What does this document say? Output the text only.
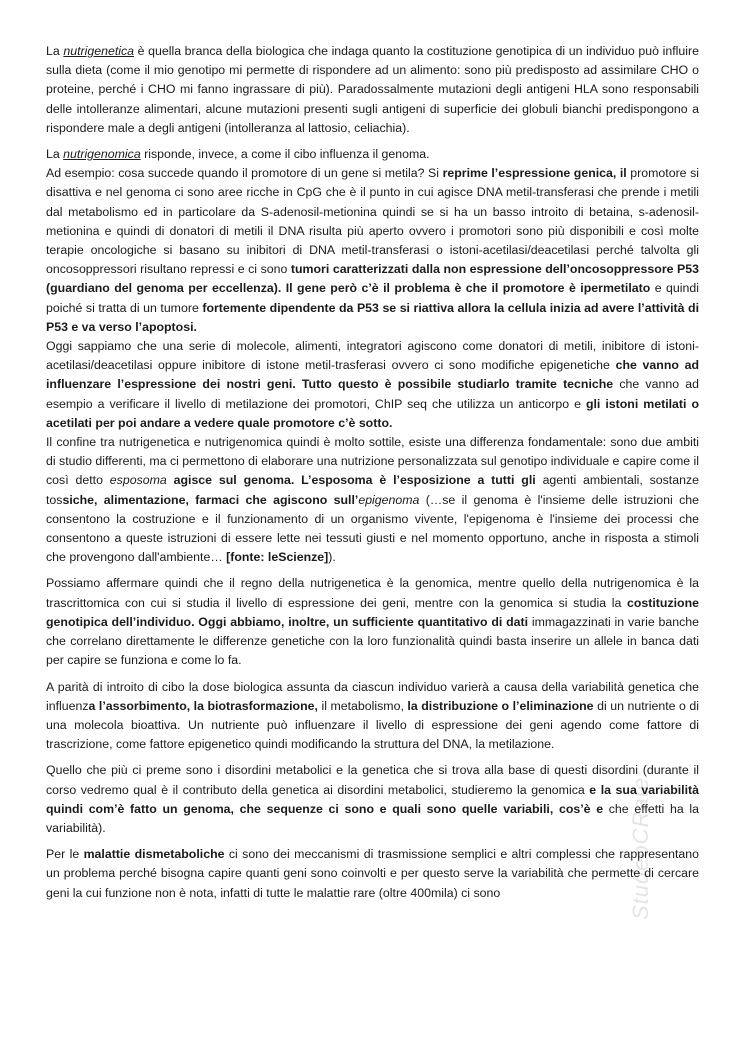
La nutrigenetica è quella branca della biologica che indaga quanto la costituzione genotipica di un individuo può influire sulla dieta (come il mio genotipo mi permette di rispondere ad un alimento: sono più predisposto ad assimilare CHO o proteine, perché i CHO mi fanno ingrassare di più). Paradossalmente mutazioni degli antigeni HLA sono responsabili delle intolleranze alimentari, alcune mutazioni presenti sugli antigeni di superficie dei globuli bianchi predispongono a rispondere male a degli antigeni (intolleranza al lattosio, celiachia).

La nutrigenomica risponde, invece, a come il cibo influenza il genoma.

Ad esempio: cosa succede quando il promotore di un gene si metila? Si reprime l’espressione genica, il promotore si disattiva e nel genoma ci sono aree ricche in CpG che è il punto in cui agisce DNA metil-transferasi che prende i metili dal metabolismo ed in particolare da S-adenosil-metionina quindi se si ha un basso introito di betaina, s-adenosil-metionina e quindi di donatori di metili il DNA risulta più aperto ovvero i promotori sono più disponibili e così molte terapie oncologiche si basano su inibitori di DNA metil-transferasi o istoni-acetilasi/deacetilasi perché talvolta gli oncosoppressori risultano repressi e ci sono tumori caratterizzati dalla non espressione dell’oncosoppressore P53 (guardiano del genoma per eccellenza). Il gene però c’è il problema è che il promotore è ipermetilato e quindi poiché si tratta di un tumore fortemente dipendente da P53 se si riattiva allora la cellula inizia ad avere l’attività di P53 e va verso l’apoptosi.

Oggi sappiamo che una serie di molecole, alimenti, integratori agiscono come donatori di metili, inibitore di istoni-acetilasi/deacetilasi oppure inibitore di istone metil-trasferasi ovvero ci sono modifiche epigenetiche che vanno ad influenzare l’espressione dei nostri geni. Tutto questo è possibile studiarlo tramite tecniche che vanno ad esempio a verificare il livello di metilazione dei promotori, ChIP seq che utilizza un anticorpo e gli istoni metilati o acetilati per poi andare a vedere quale promotore c’è sotto.

Il confine tra nutrigenetica e nutrigenomica quindi è molto sottile, esiste una differenza fondamentale: sono due ambiti di studio differenti, ma ci permettono di elaborare una nutrizione personalizzata sul genotipo individuale e capire come il così detto esposoma agisce sul genoma. L’esposoma è l’esposizione a tutti gli agenti ambientali, sostanze tossiche, alimentazione, farmaci che agiscono sull’epigenoma (…se il genoma è l'insieme delle istruzioni che consentono la costruzione e il funzionamento di un organismo vivente, l'epigenoma è l'insieme dei processi che consentono a queste istruzioni di essere lette nei tessuti giusti e nel momento opportuno, anche in risposta a stimoli che provengono dall'ambiente… [fonte: leScienze]).

Possiamo affermare quindi che il regno della nutrigenetica è la genomica, mentre quello della nutrigenomica è la trascrittomica con cui si studia il livello di espressione dei geni, mentre con la genomica si studia la costituzione genotipica dell’individuo. Oggi abbiamo, inoltre, un sufficiente quantitativo di dati immagazzinati in varie banche che correlano direttamente le differenze genetiche con la loro funzionalità quindi basta inserire un allele in banca dati per capire se funziona e come lo fa.

A parità di introito di cibo la dose biologica assunta da ciascun individuo varierà a causa della variabilità genetica che influenza l’assorbimento, la biotrasformazione, il metabolismo, la distribuzione o l’eliminazione di un nutriente o di una molecola bioattiva. Un nutriente può influenzare il livello di espressione dei geni agendo come fattore di trascrizione, come fattore epigenetico quindi modificando la struttura del DNA, la metilazione.

Quello che più ci preme sono i disordini metabolici e la genetica che si trova alla base di questi disordini (durante il corso vedremo qual è il contributo della genetica ai disordini metabolici, studieremo la genomica e la sua variabilità quindi com’è fatto un genoma, che sequenze ci sono e quali sono quelle variabili, cos’è e che effetti ha la variabilità).

Per le malattie dismetaboliche ci sono dei meccanismi di trasmissione semplici e altri complessi che rappresentano un problema perché bisogna capire quanti geni sono coinvolti e per questo serve la variabilità che permette di cercare geni la cui funzione non è nota, infatti di tutte le malattie rare (oltre 400mila) ci sono	StudeoCRate
